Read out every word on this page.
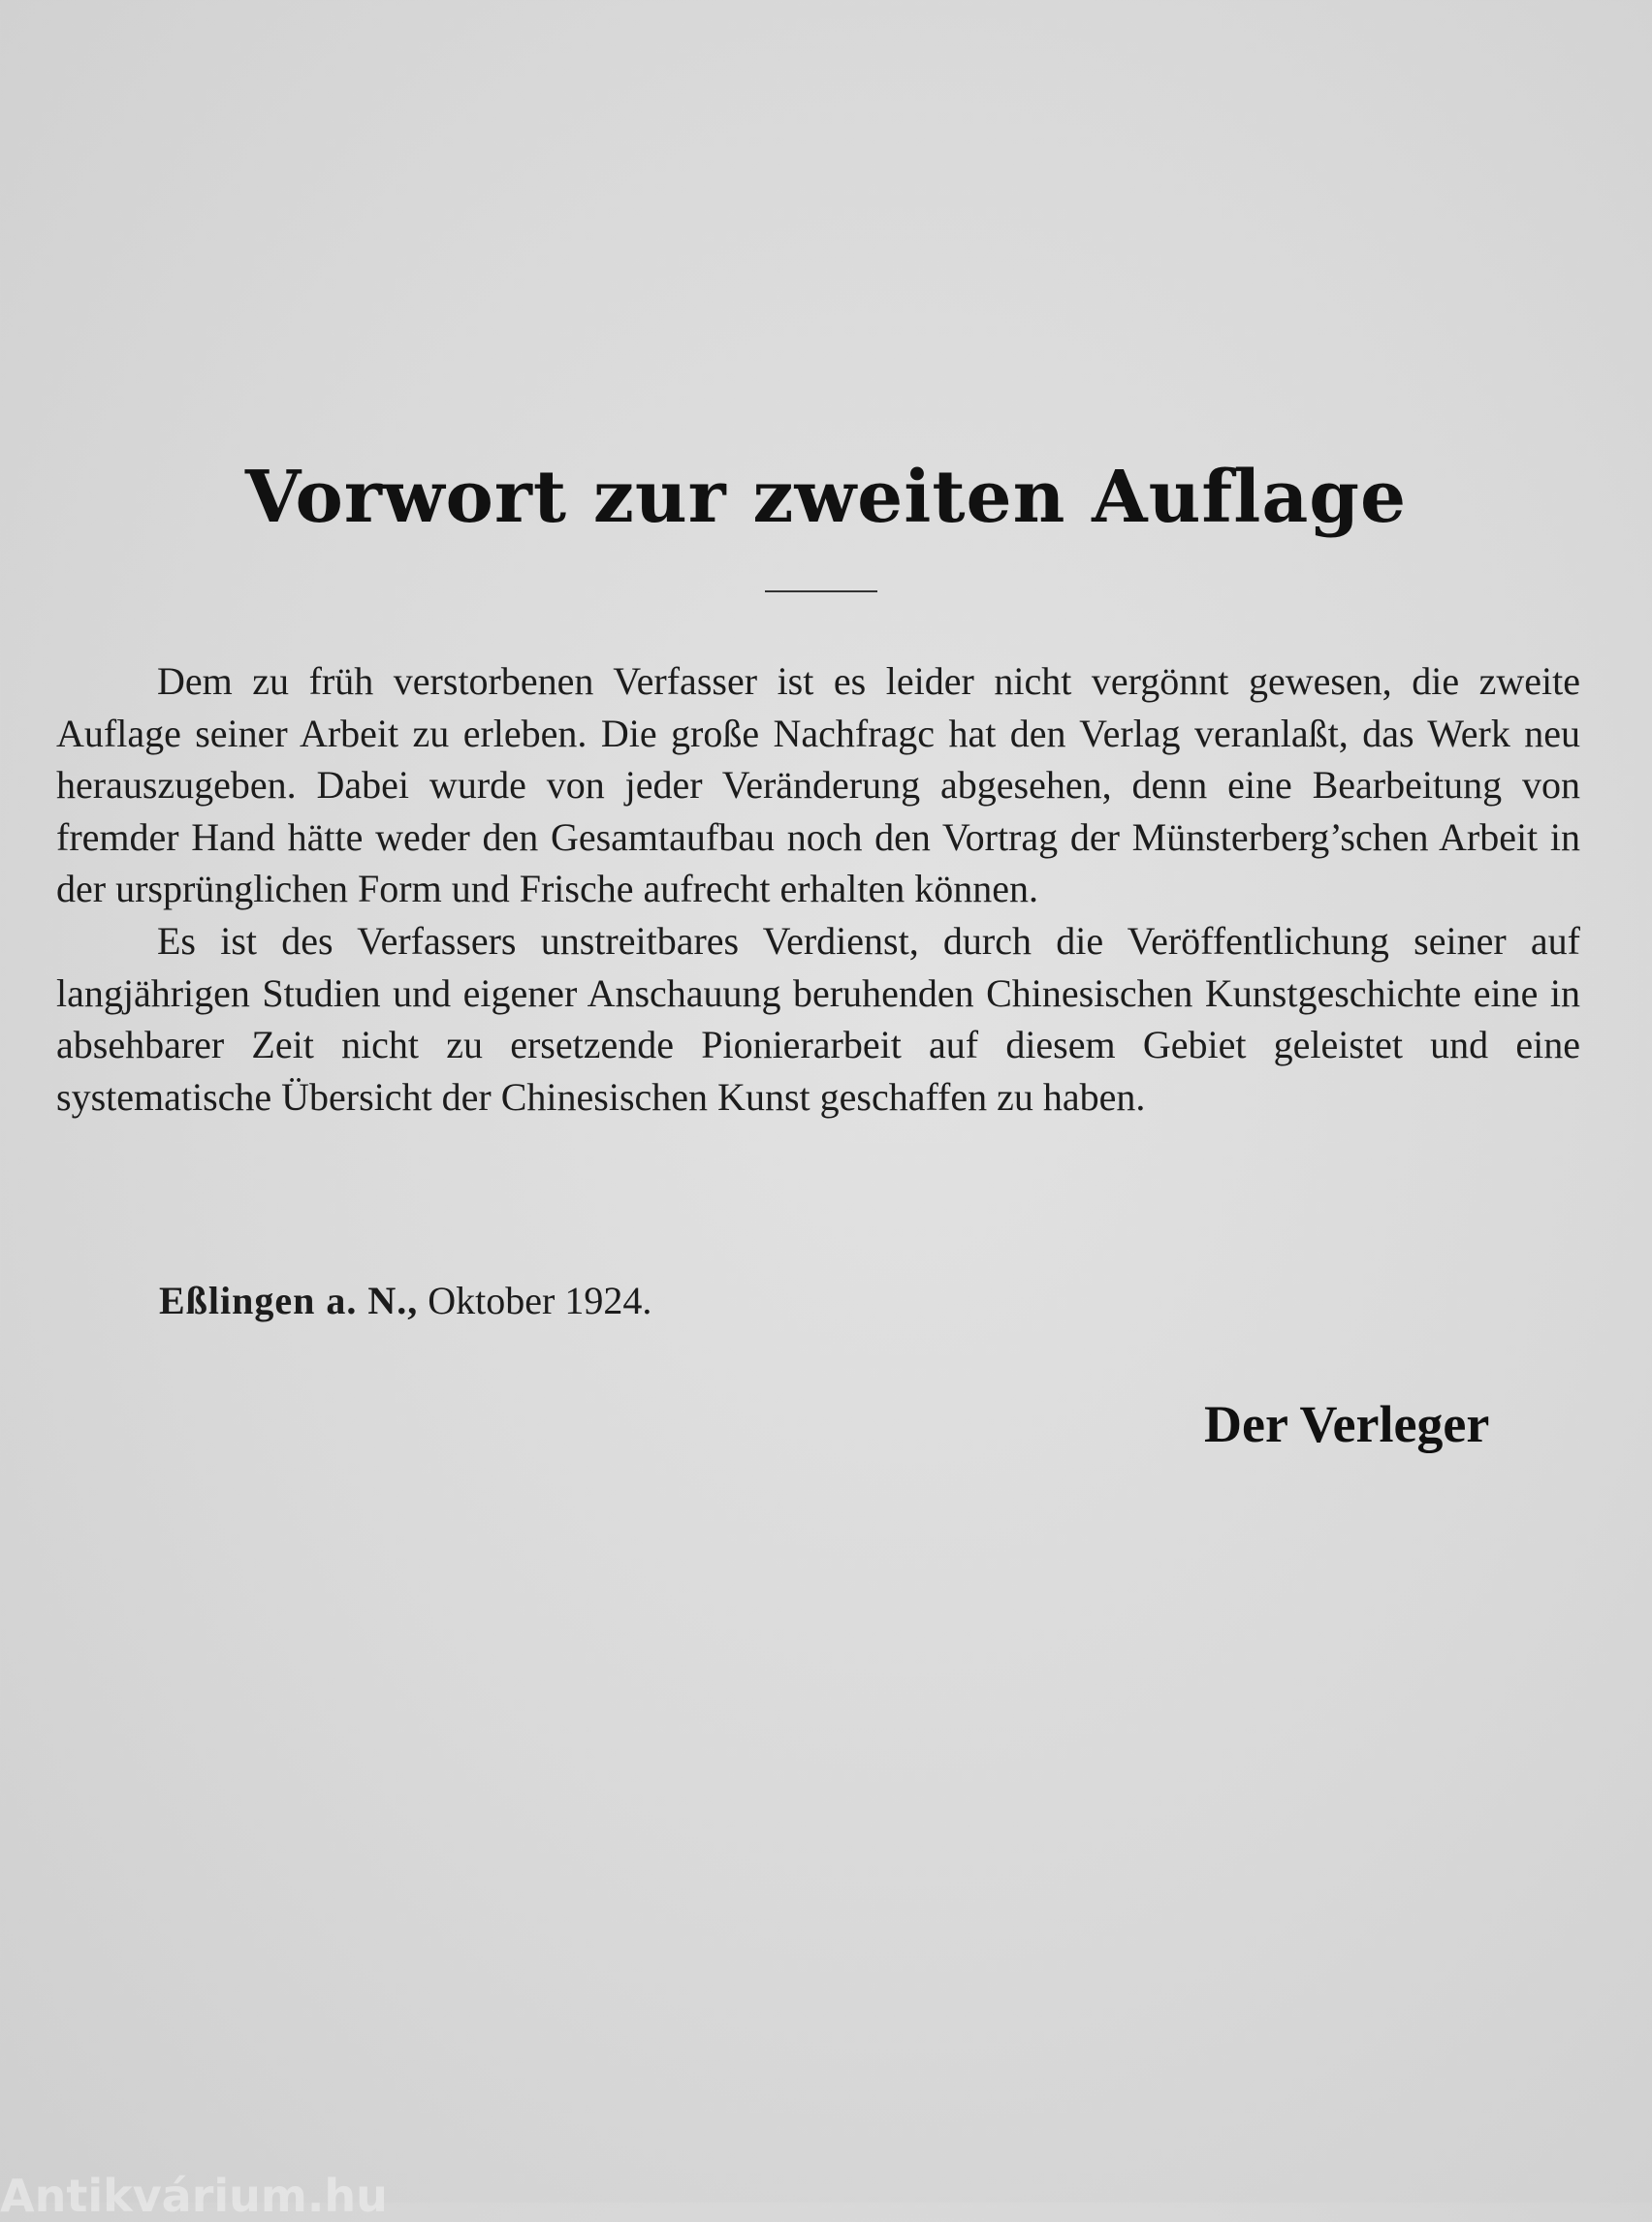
Vorwort zur zweiten Auflage

Dem zu früh verstorbenen Verfasser ist es leider nicht vergönnt gewesen, die zweite Auflage seiner Arbeit zu erleben. Die große Nachfragc hat den Verlag veranlaßt, das Werk neu herauszugeben. Dabei wurde von jeder Veränderung abgesehen, denn eine Bearbeitung von fremder Hand hätte weder den Gesamtaufbau noch den Vortrag der Münsterberg’schen Arbeit in der ursprünglichen Form und Frische aufrecht erhalten können.

Es ist des Verfassers unstreitbares Verdienst, durch die Veröffentlichung seiner auf langjährigen Studien und eigener Anschauung beruhenden Chinesischen Kunstgeschichte eine in absehbarer Zeit nicht zu ersetzende Pionierarbeit auf diesem Gebiet geleistet und eine systematische Übersicht der Chinesischen Kunst geschaffen zu haben.

Eßlingen a. N., Oktober 1924.
Der Verleger
Antikvárium.hu
